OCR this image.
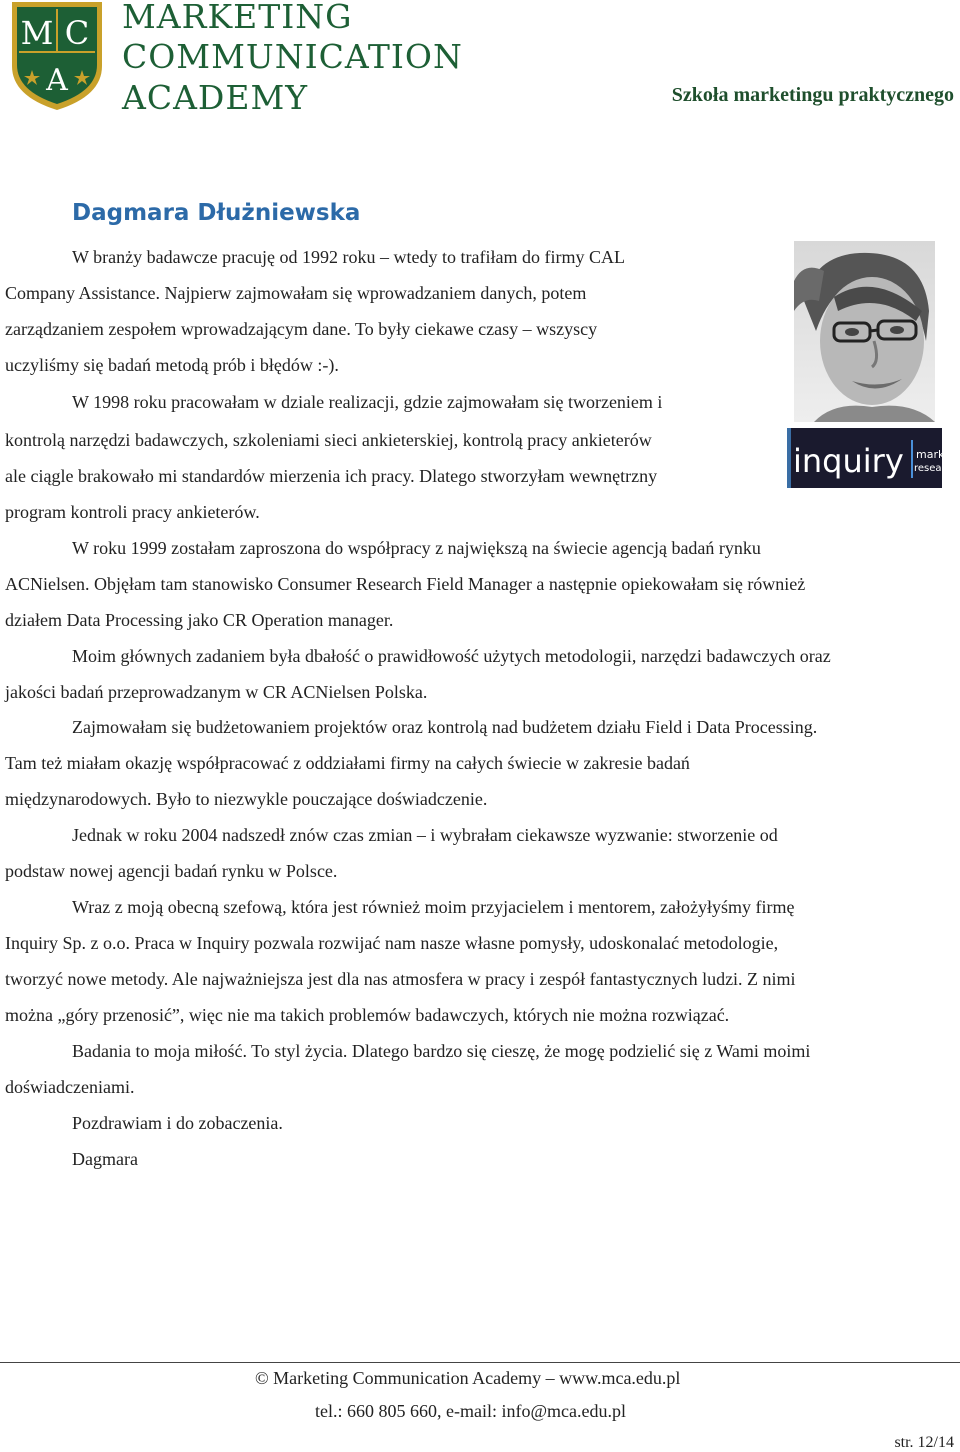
M C
A
MARKETING
COMMUNICATION
ACADEMY	Szkoła marketingu praktycznego
Dagmara Dłużniewska
W branży badawcze pracuję od 1992 roku – wtedy to trafiłam do firmy CAL
Company Assistance. Najpierw zajmowałam się wprowadzaniem danych, potem
zarządzaniem zespołem wprowadzającym dane. To były ciekawe czasy – wszyscy
uczyliśmy się badań metodą prób i błędów :-).
W 1998 roku pracowałam w dziale realizacji, gdzie zajmowałam się tworzeniem i
kontrolą narzędzi badawczych, szkoleniami sieci ankieterskiej, kontrolą pracy ankieterów
ale ciągle brakowało mi standardów mierzenia ich pracy. Dlatego stworzyłam wewnętrzny
program kontroli pracy ankieterów.
W roku 1999 zostałam zaproszona do współpracy z największą na świecie agencją badań rynku
ACNielsen. Objęłam tam stanowisko Consumer Research Field Manager a następnie opiekowałam się również
działem Data Processing jako CR Operation manager.
Moim głównych zadaniem była dbałość o prawidłowość użytych metodologii, narzędzi badawczych oraz
jakości badań przeprowadzanym w CR ACNielsen Polska.
Zajmowałam się budżetowaniem projektów oraz kontrolą nad budżetem działu Field i Data Processing.
Tam też miałam okazję współpracować z oddziałami firmy na całych świecie w zakresie badań
międzynarodowych. Było to niezwykle pouczające doświadczenie.
Jednak w roku 2004 nadszedł znów czas zmian – i wybrałam ciekawsze wyzwanie: stworzenie od
podstaw nowej agencji badań rynku w Polsce.
Wraz z moją obecną szefową, która jest również moim przyjacielem i mentorem, założyłyśmy firmę
Inquiry Sp. z o.o. Praca w Inquiry pozwala rozwijać nam nasze własne pomysły, udoskonalać metodologie,
tworzyć nowe metody. Ale najważniejsza jest dla nas atmosfera w pracy i zespół fantastycznych ludzi. Z nimi
można „góry przenosić”, więc nie ma takich problemów badawczych, których nie można rozwiązać.
Badania to moja miłość. To styl życia. Dlatego bardzo się cieszę, że mogę podzielić się z Wami moimi
doświadczeniami.
Pozdrawiam i do zobaczenia.
Dagmara
inquiry market
research
© Marketing Communication Academy – www.mca.edu.pl
tel.: 660 805 660, e-mail: info@mca.edu.pl
str. 12/14
